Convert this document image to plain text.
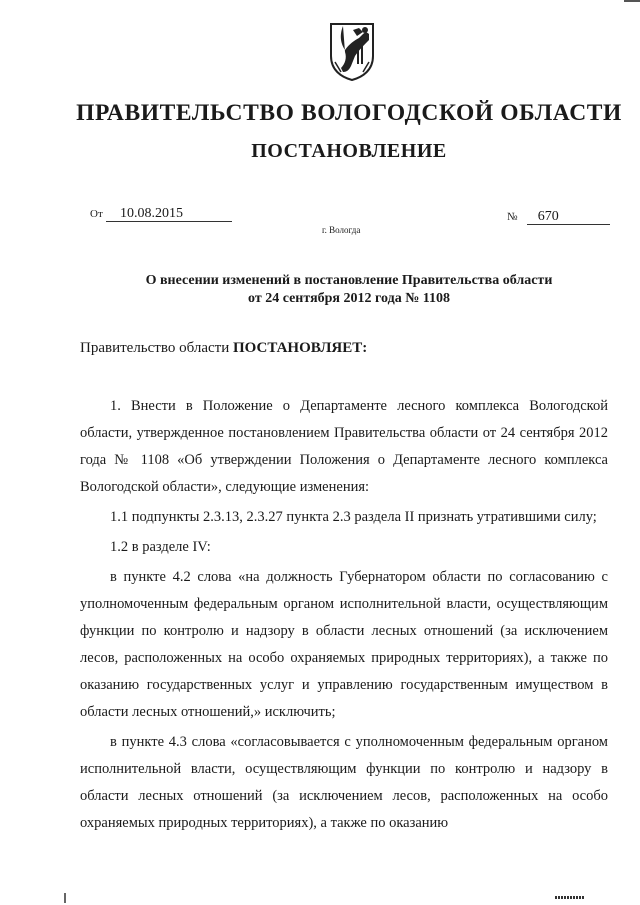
ПРАВИТЕЛЬСТВО ВОЛОГОДСКОЙ ОБЛАСТИ
ПОСТАНОВЛЕНИЕ
От 10.08.2015
г. Вологда
№ 670
О внесении изменений в постановление Правительства области
от 24 сентября 2012 года № 1108
Правительство области ПОСТАНОВЛЯЕТ:

1. Внести в Положение о Департаменте лесного комплекса Вологодской области, утвержденное постановлением Правительства области от 24 сентября 2012 года № 1108 «Об утверждении Положения о Департаменте лесного комплекса Вологодской области», следующие изменения:

1.1 подпункты 2.3.13, 2.3.27 пункта 2.3 раздела II признать утратившими силу;

1.2 в разделе IV:

в пункте 4.2 слова «на должность Губернатором области по согласованию с уполномоченным федеральным органом исполнительной власти, осуществляющим функции по контролю и надзору в области лесных отношений (за исключением лесов, расположенных на особо охраняемых природных территориях), а также по оказанию государственных услуг и управлению государственным имуществом в области лесных отношений,» исключить;

в пункте 4.3 слова «согласовывается с уполномоченным федеральным органом исполнительной власти, осуществляющим функции по контролю и надзору в области лесных отношений (за исключением лесов, расположенных на особо охраняемых природных территориях), а также по оказанию
